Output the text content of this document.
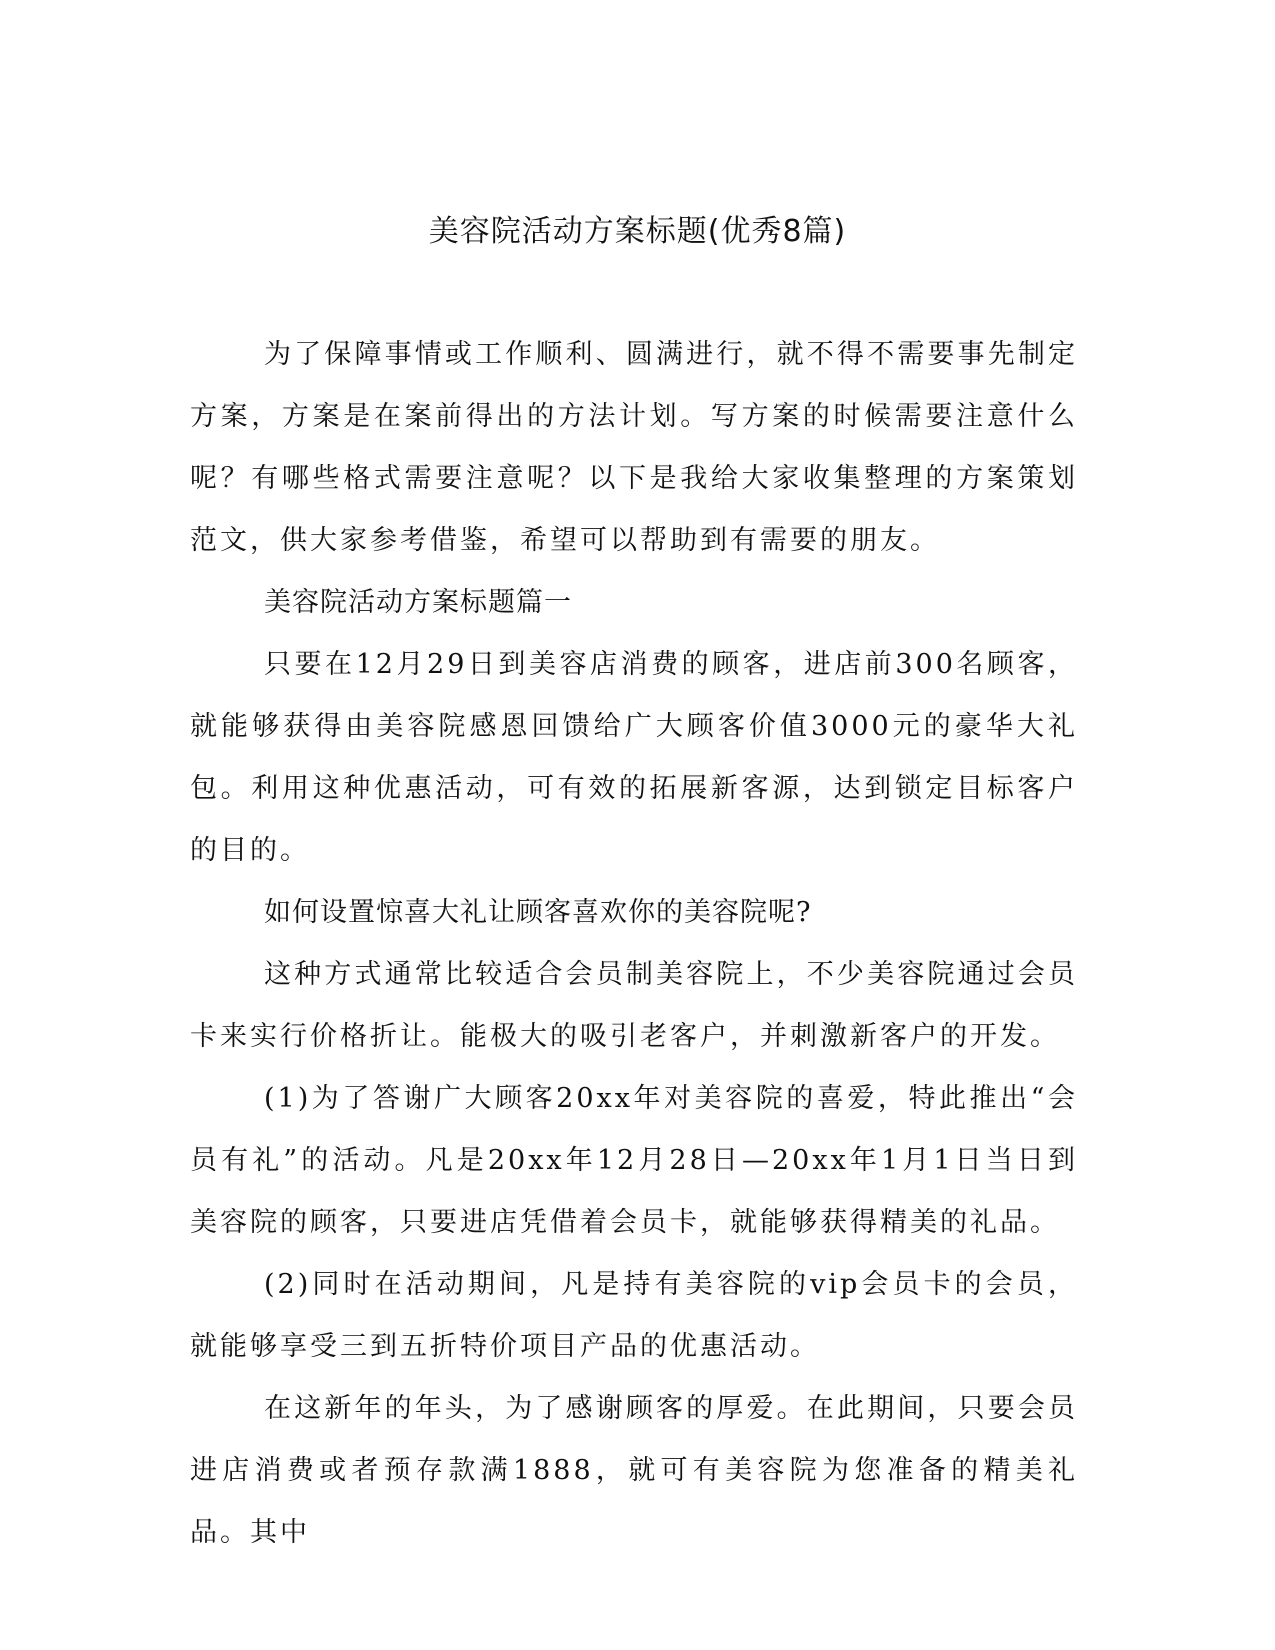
美容院活动方案标题(优秀8篇)

为了保障事情或工作顺利、圆满进行，就不得不需要事先制定方案，方案是在案前得出的方法计划。写方案的时候需要注意什么呢？有哪些格式需要注意呢？以下是我给大家收集整理的方案策划范文，供大家参考借鉴，希望可以帮助到有需要的朋友。

美容院活动方案标题篇一

只要在12月29日到美容店消费的顾客，进店前300名顾客，就能够获得由美容院感恩回馈给广大顾客价值3000元的豪华大礼包。利用这种优惠活动，可有效的拓展新客源，达到锁定目标客户的目的。

如何设置惊喜大礼让顾客喜欢你的美容院呢?

这种方式通常比较适合会员制美容院上，不少美容院通过会员卡来实行价格折让。能极大的吸引老客户，并刺激新客户的开发。

(1)为了答谢广大顾客20xx年对美容院的喜爱，特此推出“会员有礼”的活动。凡是20xx年12月28日—20xx年1月1日当日到美容院的顾客，只要进店凭借着会员卡，就能够获得精美的礼品。

(2)同时在活动期间，凡是持有美容院的vip会员卡的会员，就能够享受三到五折特价项目产品的优惠活动。

在这新年的年头，为了感谢顾客的厚爱。在此期间，只要会员进店消费或者预存款满1888，就可有美容院为您准备的精美礼品。其中
